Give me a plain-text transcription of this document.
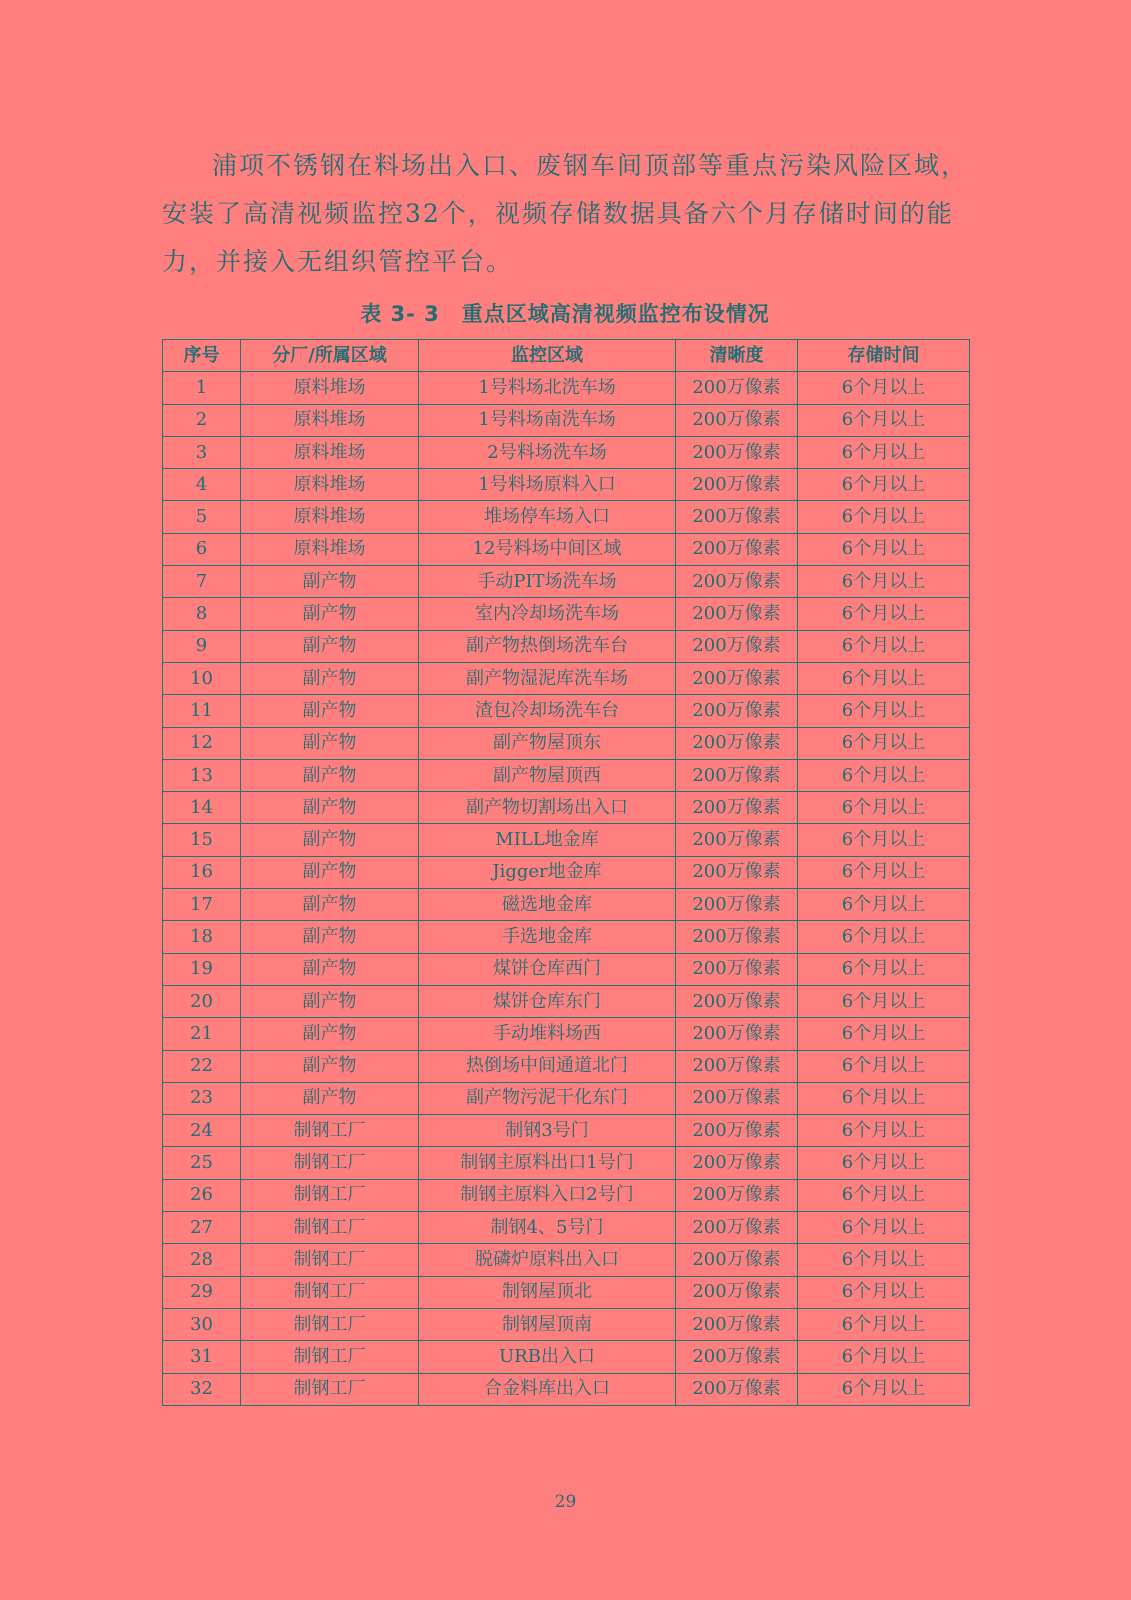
浦项不锈钢在料场出入口、废钢车间顶部等重点污染风险区域，安装了高清视频监控32个，视频存储数据具备六个月存储时间的能力，并接入无组织管控平台。

表 3- 3　重点区域高清视频监控布设情况
序号	分厂/所属区域	监控区域	清晰度	存储时间
1	原料堆场	1号料场北洗车场	200万像素	6个月以上
2	原料堆场	1号料场南洗车场	200万像素	6个月以上
3	原料堆场	2号料场洗车场	200万像素	6个月以上
4	原料堆场	1号料场原料入口	200万像素	6个月以上
5	原料堆场	堆场停车场入口	200万像素	6个月以上
6	原料堆场	12号料场中间区域	200万像素	6个月以上
7	副产物	手动PIT场洗车场	200万像素	6个月以上
8	副产物	室内冷却场洗车场	200万像素	6个月以上
9	副产物	副产物热倒场洗车台	200万像素	6个月以上
10	副产物	副产物湿泥库洗车场	200万像素	6个月以上
11	副产物	渣包冷却场洗车台	200万像素	6个月以上
12	副产物	副产物屋顶东	200万像素	6个月以上
13	副产物	副产物屋顶西	200万像素	6个月以上
14	副产物	副产物切割场出入口	200万像素	6个月以上
15	副产物	MILL地金库	200万像素	6个月以上
16	副产物	Jigger地金库	200万像素	6个月以上
17	副产物	磁选地金库	200万像素	6个月以上
18	副产物	手选地金库	200万像素	6个月以上
19	副产物	煤饼仓库西门	200万像素	6个月以上
20	副产物	煤饼仓库东门	200万像素	6个月以上
21	副产物	手动堆料场西	200万像素	6个月以上
22	副产物	热倒场中间通道北门	200万像素	6个月以上
23	副产物	副产物污泥干化东门	200万像素	6个月以上
24	制钢工厂	制钢3号门	200万像素	6个月以上
25	制钢工厂	制钢主原料出口1号门	200万像素	6个月以上
26	制钢工厂	制钢主原料入口2号门	200万像素	6个月以上
27	制钢工厂	制钢4、5号门	200万像素	6个月以上
28	制钢工厂	脱磷炉原料出入口	200万像素	6个月以上
29	制钢工厂	制钢屋顶北	200万像素	6个月以上
30	制钢工厂	制钢屋顶南	200万像素	6个月以上
31	制钢工厂	URB出入口	200万像素	6个月以上
32	制钢工厂	合金料库出入口	200万像素	6个月以上
29
